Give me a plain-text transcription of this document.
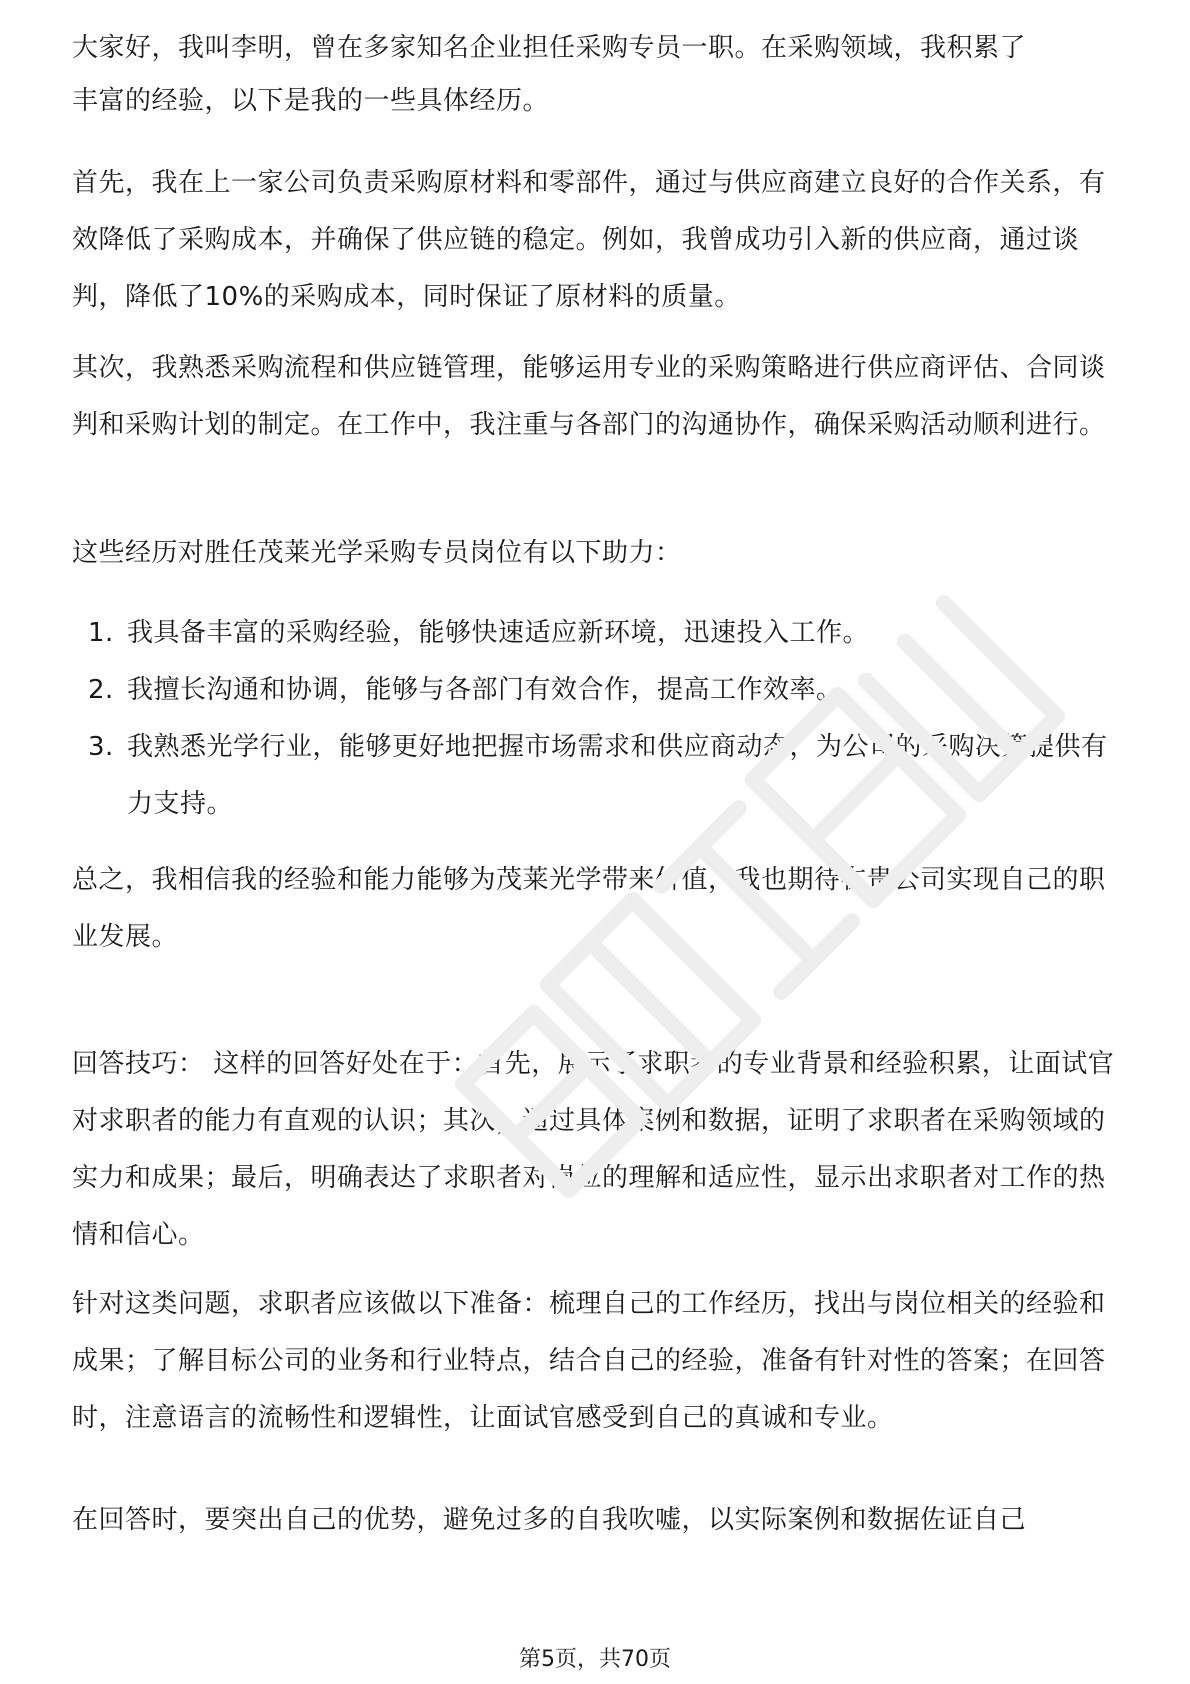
大家好，我叫李明，曾在多家知名企业担任采购专员一职。在采购领域，我积累了

丰富的经验，以下是我的一些具体经历。

首先，我在上一家公司负责采购原材料和零部件，通过与供应商建立良好的合作关系，有效降低了采购成本，并确保了供应链的稳定。例如，我曾成功引入新的供应商，通过谈判，降低了10%的采购成本，同时保证了原材料的质量。

其次，我熟悉采购流程和供应链管理，能够运用专业的采购策略进行供应商评估、合同谈判和采购计划的制定。在工作中，我注重与各部门的沟通协作，确保采购活动顺利进行。

这些经历对胜任茂莱光学采购专员岗位有以下助力：

1. 我具备丰富的采购经验，能够快速适应新环境，迅速投入工作。
2. 我擅长沟通和协调，能够与各部门有效合作，提高工作效率。
3. 我熟悉光学行业，能够更好地把握市场需求和供应商动态，为公司的采购决策提供有力支持。

总之，我相信我的经验和能力能够为茂莱光学带来价值，我也期待在贵公司实现自己的职业发展。

回答技巧： 这样的回答好处在于：首先，展示了求职者的专业背景和经验积累，让面试官对求职者的能力有直观的认识；其次，通过具体案例和数据，证明了求职者在采购领域的实力和成果；最后，明确表达了求职者对岗位的理解和适应性，显示出求职者对工作的热情和信心。

针对这类问题，求职者应该做以下准备：梳理自己的工作经历，找出与岗位相关的经验和成果；了解目标公司的业务和行业特点，结合自己的经验，准备有针对性的答案；在回答时，注意语言的流畅性和逻辑性，让面试官感受到自己的真诚和专业。

在回答时，要突出自己的优势，避免过多的自我吹嘘，以实际案例和数据佐证自己

第5页，共70页
